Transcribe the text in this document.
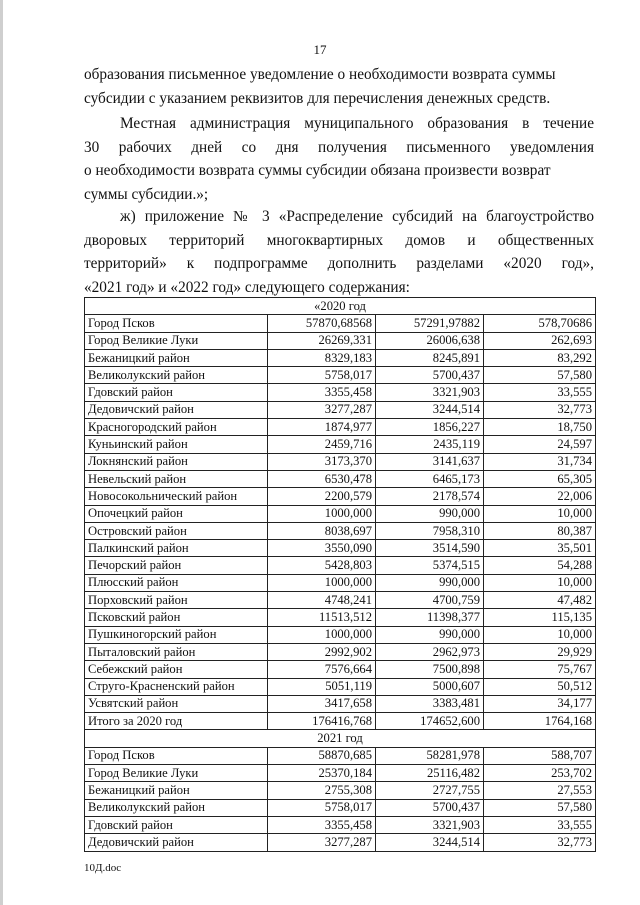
17
образования письменное уведомление о необходимости возврата суммы
субсидии с указанием реквизитов для перечисления денежных средств.
Местная администрация муниципального образования в течение
30 рабочих дней со дня получения письменного уведомления
о необходимости возврата суммы субсидии обязана произвести возврат
суммы субсидии.»;
ж) приложение № 3 «Распределение субсидий на благоустройство
дворовых территорий многоквартирных домов и общественных
территорий» к подпрограмме дополнить разделами «2020 год»,
«2021 год» и «2022 год» следующего содержания:
«2020 год			
Город Псков	57870,68568	57291,97882	578,70686
Город Великие Луки	26269,331	26006,638	262,693
Бежаницкий район	8329,183	8245,891	83,292
Великолукский район	5758,017	5700,437	57,580
Гдовский район	3355,458	3321,903	33,555
Дедовичский район	3277,287	3244,514	32,773
Красногородский район	1874,977	1856,227	18,750
Куньинский район	2459,716	2435,119	24,597
Локнянский район	3173,370	3141,637	31,734
Невельский район	6530,478	6465,173	65,305
Новосокольнический район	2200,579	2178,574	22,006
Опочецкий район	1000,000	990,000	10,000
Островский район	8038,697	7958,310	80,387
Палкинский район	3550,090	3514,590	35,501
Печорский район	5428,803	5374,515	54,288
Плюсский район	1000,000	990,000	10,000
Порховский район	4748,241	4700,759	47,482
Псковский район	11513,512	11398,377	115,135
Пушкиногорский район	1000,000	990,000	10,000
Пыталовский район	2992,902	2962,973	29,929
Себежский район	7576,664	7500,898	75,767
Струго-Красненский район	5051,119	5000,607	50,512
Усвятский район	3417,658	3383,481	34,177
Итого за 2020 год	176416,768	174652,600	1764,168
2021 год			
Город Псков	58870,685	58281,978	588,707
Город Великие Луки	25370,184	25116,482	253,702
Бежаницкий район	2755,308	2727,755	27,553
Великолукский район	5758,017	5700,437	57,580
Гдовский район	3355,458	3321,903	33,555
Дедовичский район	3277,287	3244,514	32,773
10Д.doc
